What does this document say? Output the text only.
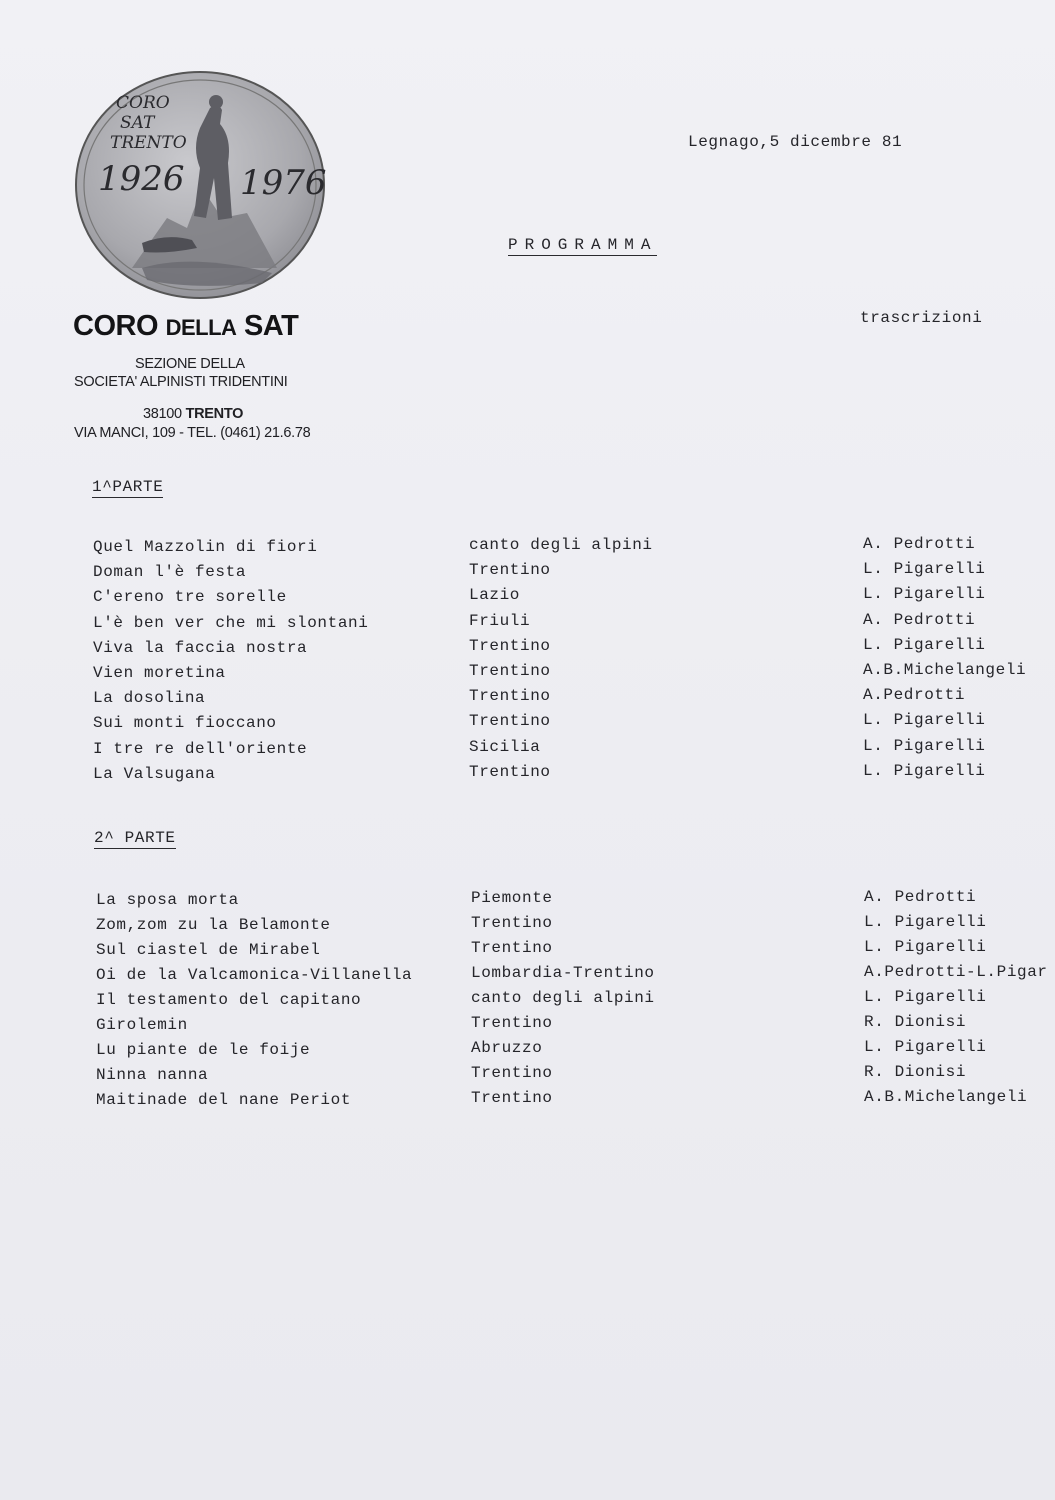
CORO
SAT
TRENTO
1926 1976
CORO DELLA SAT
SEZIONE DELLA
SOCIETA' ALPINISTI TRIDENTINI
38100 TRENTO
VIA MANCI, 109 - TEL. (0461) 21.6.78
Legnago,5 dicembre 81
PROGRAMMA
trascrizioni
1^PARTE
Quel Mazzolin di fiori	canto degli alpini	A. Pedrotti
Doman l'è festa	Trentino	L. Pigarelli
C'ereno tre sorelle	Lazio	L. Pigarelli
L'è ben ver che mi slontani	Friuli	A. Pedrotti
Viva la faccia nostra	Trentino	L. Pigarelli
Vien moretina	Trentino	A.B.Michelangeli
La dosolina	Trentino	A.Pedrotti
Sui monti fioccano	Trentino	L. Pigarelli
I tre re dell'oriente	Sicilia	L. Pigarelli
La Valsugana	Trentino	L. Pigarelli
2^ PARTE
La sposa morta	Piemonte	A. Pedrotti
Zom,zom zu la Belamonte	Trentino	L. Pigarelli
Sul ciastel de Mirabel	Trentino	L. Pigarelli
Oi de la Valcamonica-Villanella	Lombardia-Trentino	A.Pedrotti-L.Pigar
Il testamento del capitano	canto degli alpini	L. Pigarelli
Girolemin	Trentino	R. Dionisi
Lu piante de le foije	Abruzzo	L. Pigarelli
Ninna nanna	Trentino	R. Dionisi
Maitinade del nane Periot	Trentino	A.B.Michelangeli
